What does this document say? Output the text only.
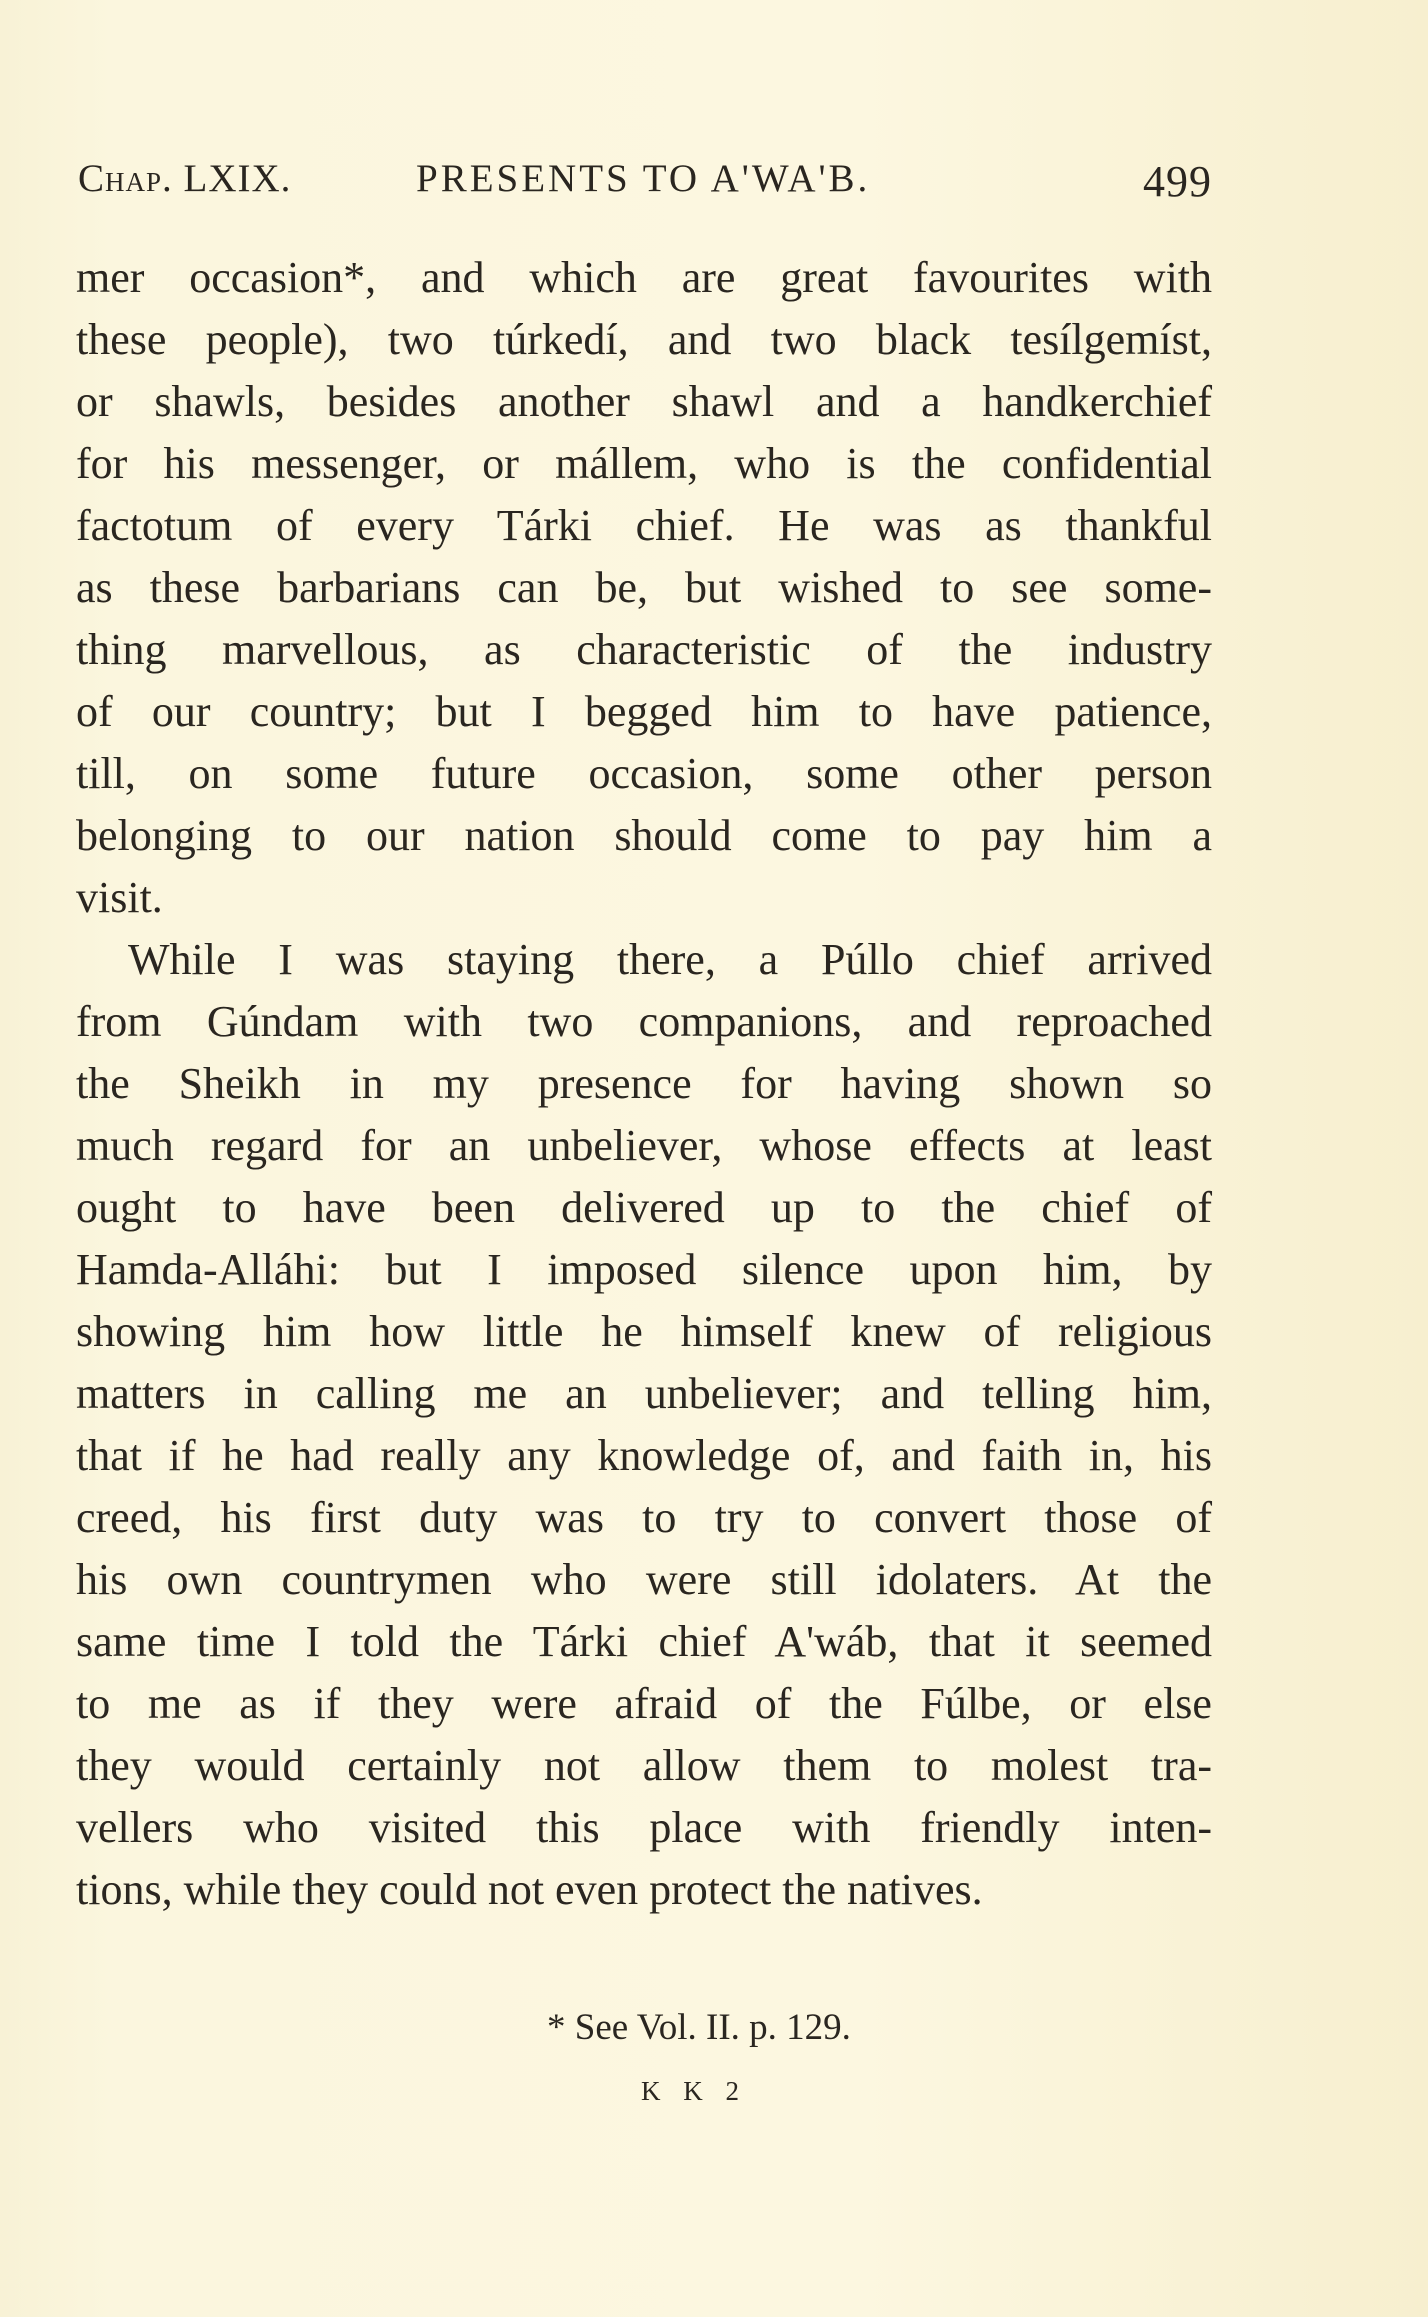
Chap. LXIX.	PRESENTS TO A'WA'B.	499
mer occasion*, and which are great favourites with
these people), two túrkedí, and two black tesílgemíst,
or shawls, besides another shawl and a handkerchief
for his messenger, or mállem, who is the confidential
factotum of every Tárki chief. He was as thankful
as these barbarians can be, but wished to see some-
thing marvellous, as characteristic of the industry
of our country; but I begged him to have patience,
till, on some future occasion, some other person
belonging to our nation should come to pay him a
visit.
While I was staying there, a Púllo chief arrived
from Gúndam with two companions, and reproached
the Sheikh in my presence for having shown so
much regard for an unbeliever, whose effects at least
ought to have been delivered up to the chief of
Hamda-Alláhi: but I imposed silence upon him, by
showing him how little he himself knew of religious
matters in calling me an unbeliever; and telling him,
that if he had really any knowledge of, and faith in, his
creed, his first duty was to try to convert those of
his own countrymen who were still idolaters. At the
same time I told the Tárki chief A'wáb, that it seemed
to me as if they were afraid of the Fúlbe, or else
they would certainly not allow them to molest tra-
vellers who visited this place with friendly inten-
tions, while they could not even protect the natives.
* See Vol. II. p. 129.
K K 2
